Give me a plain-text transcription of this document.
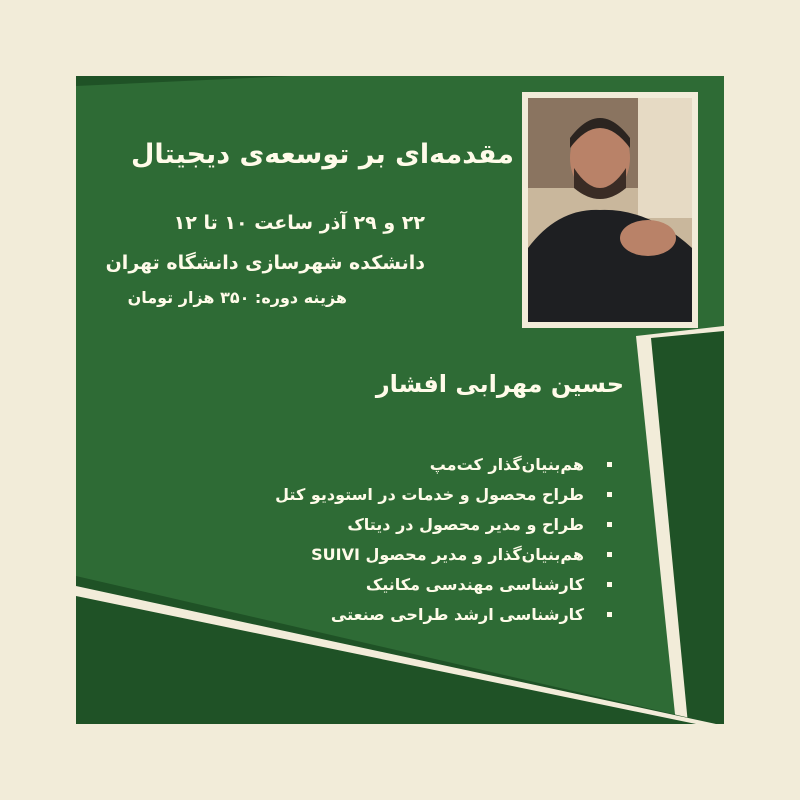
مقدمه‌ای بر توسعه‌ی دیجیتال
۲۲ و ۲۹ آذر ساعت ۱۰ تا ۱۲
دانشکده شهرسازی دانشگاه تهران
هزینه دوره: ۳۵۰ هزار تومان
حسین مهرابی افشار
هم‌بنیان‌گذار کت‌مپ
طراح محصول و خدمات در استودیو کتل
طراح و مدیر محصول در دیتاک
هم‌بنیان‌گذار و مدیر محصول SUIVI
کارشناسی مهندسی مکانیک
کارشناسی ارشد طراحی صنعتی
